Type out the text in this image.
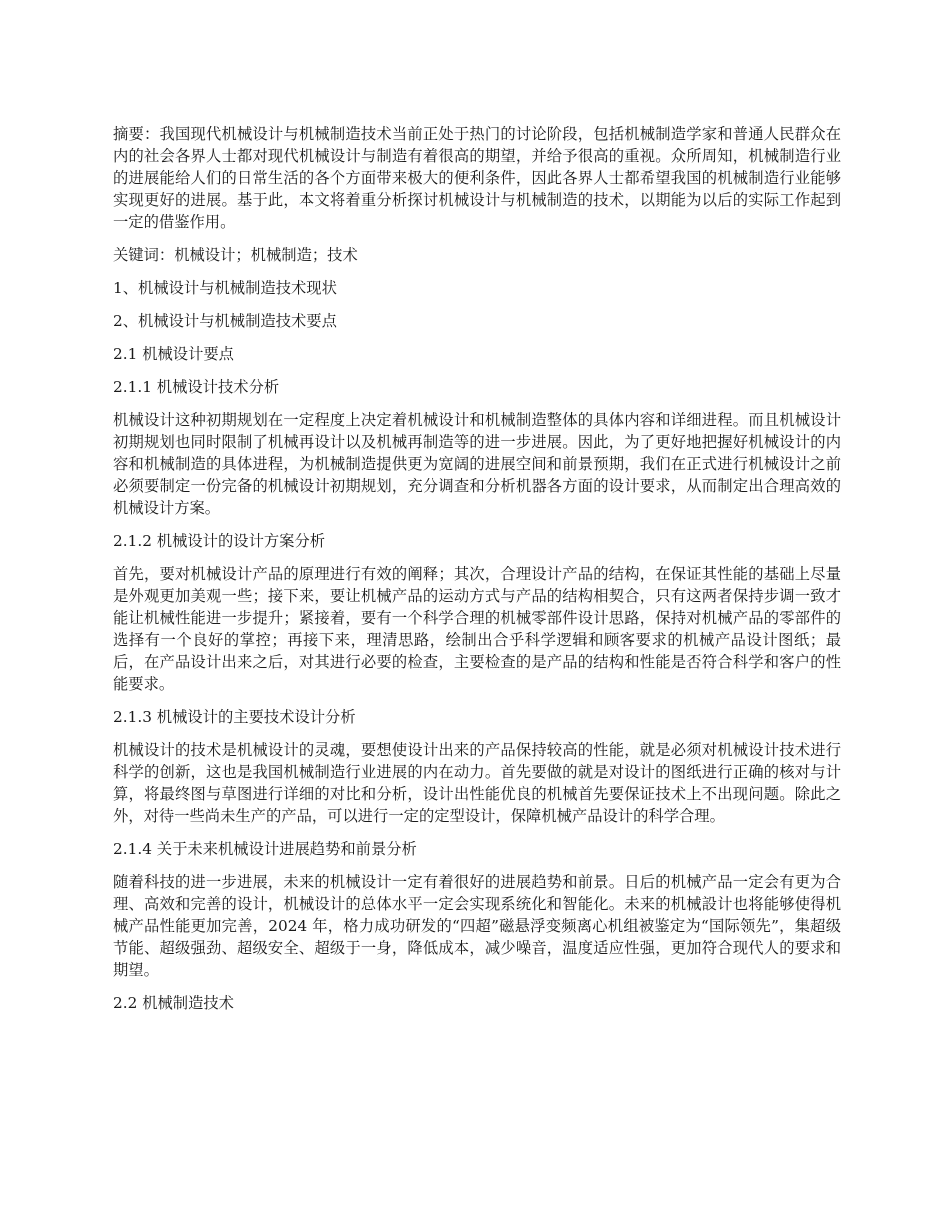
摘要：我国现代机械设计与机械制造技术当前正处于热门的讨论阶段，包括机械制造学家和普通人民群众在内的社会各界人士都对现代机械设计与制造有着很高的期望，并给予很高的重视。众所周知，机械制造行业的进展能给人们的日常生活的各个方面带来极大的便利条件，因此各界人士都希望我国的机械制造行业能够实现更好的进展。基于此，本文将着重分析探讨机械设计与机械制造的技术，以期能为以后的实际工作起到一定的借鉴作用。

关键词：机械设计；机械制造；技术

1、机械设计与机械制造技术现状

2、机械设计与机械制造技术要点

2.1 机械设计要点

2.1.1 机械设计技术分析

机械设计这种初期规划在一定程度上决定着机械设计和机械制造整体的具体内容和详细进程。而且机械设计初期规划也同时限制了机械再设计以及机械再制造等的进一步进展。因此，为了更好地把握好机械设计的内容和机械制造的具体进程，为机械制造提供更为宽阔的进展空间和前景预期，我们在正式进行机械设计之前必须要制定一份完备的机械设计初期规划，充分调查和分析机器各方面的设计要求，从而制定出合理高效的机械设计方案。

2.1.2 机械设计的设计方案分析

首先，要对机械设计产品的原理进行有效的阐释；其次，合理设计产品的结构，在保证其性能的基础上尽量是外观更加美观一些；接下来，要让机械产品的运动方式与产品的结构相契合，只有这两者保持步调一致才能让机械性能进一步提升；紧接着，要有一个科学合理的机械零部件设计思路，保持对机械产品的零部件的选择有一个良好的掌控；再接下来，理清思路，绘制出合乎科学逻辑和顾客要求的机械产品设计图纸；最后，在产品设计出来之后，对其进行必要的检查，主要检查的是产品的结构和性能是否符合科学和客户的性能要求。

2.1.3 机械设计的主要技术设计分析

机械设计的技术是机械设计的灵魂，要想使设计出来的产品保持较高的性能，就是必须对机械设计技术进行科学的创新，这也是我国机械制造行业进展的内在动力。首先要做的就是对设计的图纸进行正确的核对与计算，将最终图与草图进行详细的对比和分析，设计出性能优良的机械首先要保证技术上不出现问题。除此之外，对待一些尚未生产的产品，可以进行一定的定型设计，保障机械产品设计的科学合理。

2.1.4 关于未来机械设计进展趋势和前景分析

随着科技的进一步进展，未来的机械设计一定有着很好的进展趋势和前景。日后的机械产品一定会有更为合理、高效和完善的设计，机械设计的总体水平一定会实现系统化和智能化。未来的机械設计也将能够使得机械产品性能更加完善，2024 年，格力成功研发的“四超”磁悬浮变频离心机组被鉴定为“国际领先”，集超级节能、超级强劲、超级安全、超级于一身，降低成本，减少噪音，温度适应性强，更加符合现代人的要求和期望。

2.2 机械制造技术
